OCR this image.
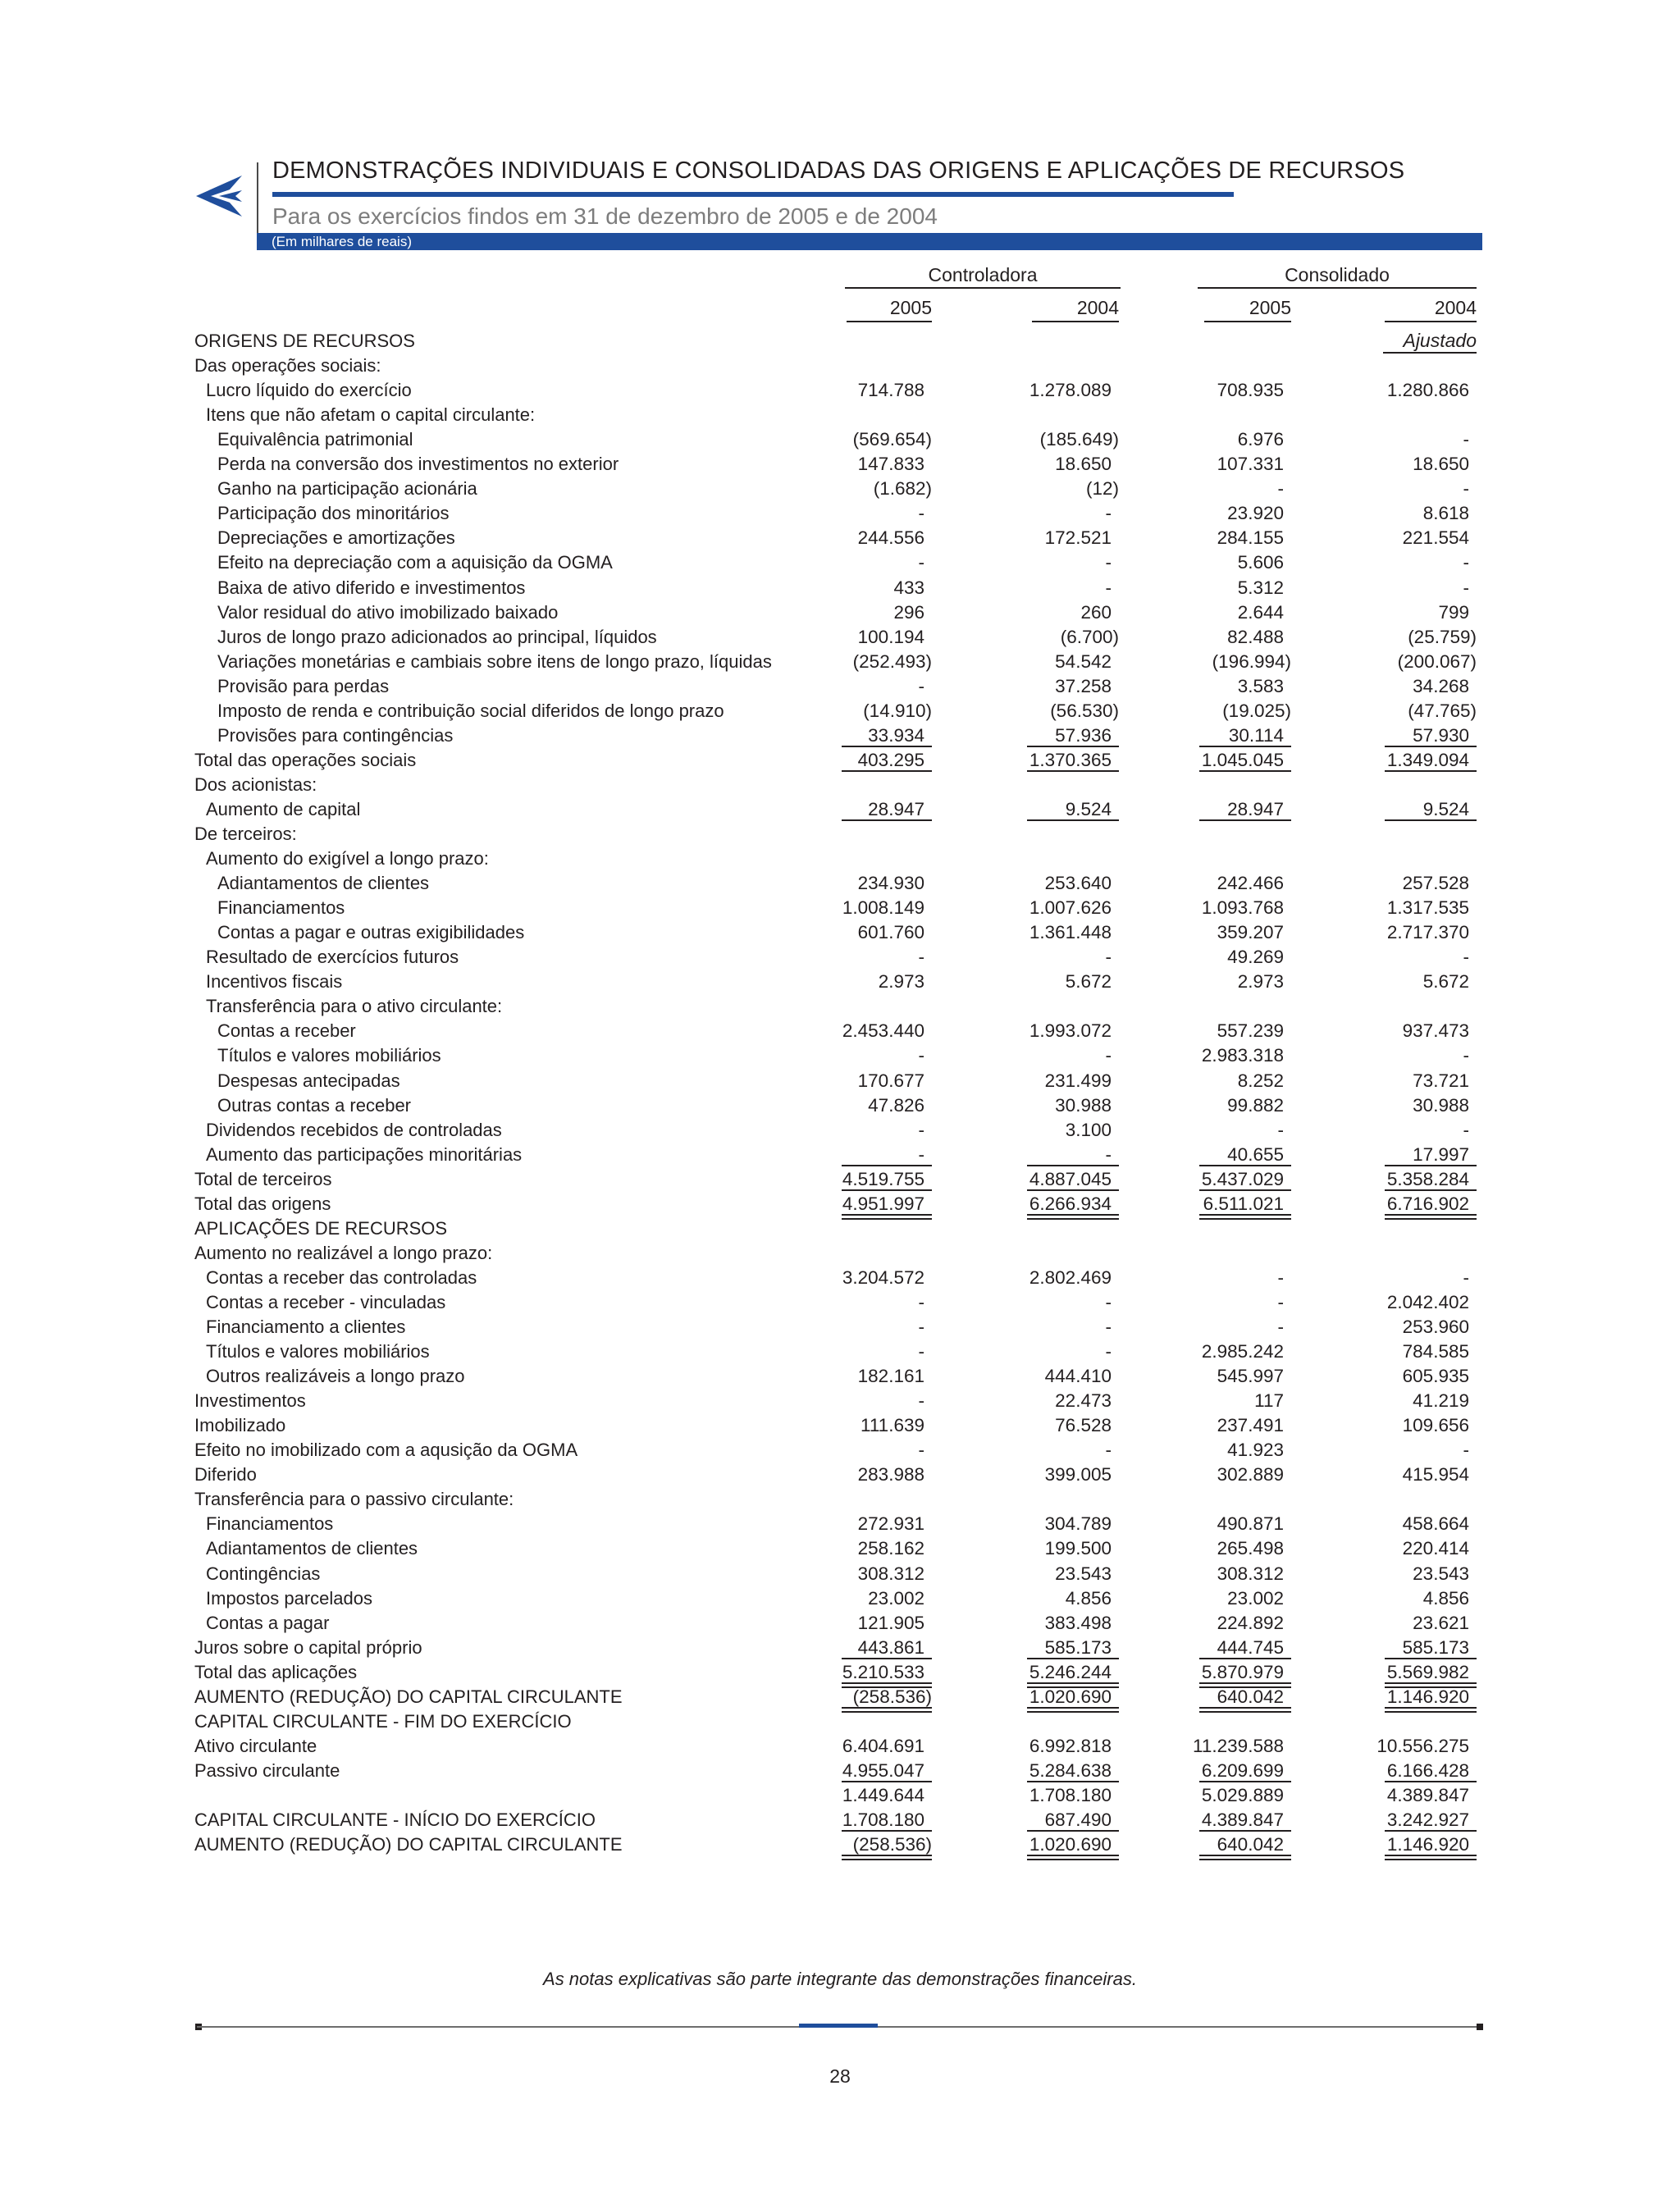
DEMONSTRAÇÕES INDIVIDUAIS E CONSOLIDADAS DAS ORIGENS E APLICAÇÕES DE RECURSOS
Para os exercícios findos em 31 de dezembro de 2005 e de 2004
(Em milhares de reais)
Controladora	Consolidado
2005	2004	2005	2004
Ajustado
ORIGENS DE RECURSOS
Das operações sociais:
Lucro líquido do exercício	714.788	1.278.089	708.935	1.280.866
Itens que não afetam o capital circulante:
Equivalência patrimonial	(569.654)	(185.649)	6.976	-
Perda na conversão dos investimentos no exterior	147.833	18.650	107.331	18.650
Ganho na participação acionária	(1.682)	(12)	-	-
Participação dos minoritários	-	-	23.920	8.618
Depreciações e amortizações	244.556	172.521	284.155	221.554
Efeito na depreciação com a aquisição da OGMA	-	-	5.606	-
Baixa de ativo diferido e investimentos	433	-	5.312	-
Valor residual do ativo imobilizado baixado	296	260	2.644	799
Juros de longo prazo adicionados ao principal, líquidos	100.194	(6.700)	82.488	(25.759)
Variações monetárias e cambiais sobre itens de longo prazo, líquidas	(252.493)	54.542	(196.994)	(200.067)
Provisão para perdas	-	37.258	3.583	34.268
Imposto de renda e contribuição social diferidos de longo prazo	(14.910)	(56.530)	(19.025)	(47.765)
Provisões para contingências	33.934	57.936	30.114	57.930
Total das operações sociais	403.295	1.370.365	1.045.045	1.349.094
Dos acionistas:
Aumento de capital	28.947	9.524	28.947	9.524
De terceiros:
Aumento do exigível a longo prazo:
Adiantamentos de clientes	234.930	253.640	242.466	257.528
Financiamentos	1.008.149	1.007.626	1.093.768	1.317.535
Contas a pagar e outras exigibilidades	601.760	1.361.448	359.207	2.717.370
Resultado de exercícios futuros	-	-	49.269	-
Incentivos fiscais	2.973	5.672	2.973	5.672
Transferência para o ativo circulante:
Contas a receber	2.453.440	1.993.072	557.239	937.473
Títulos e valores mobiliários	-	-	2.983.318	-
Despesas antecipadas	170.677	231.499	8.252	73.721
Outras contas a receber	47.826	30.988	99.882	30.988
Dividendos recebidos de controladas	-	3.100	-	-
Aumento das participações minoritárias	-	-	40.655	17.997
Total de terceiros	4.519.755	4.887.045	5.437.029	5.358.284
Total das origens	4.951.997	6.266.934	6.511.021	6.716.902
APLICAÇÕES DE RECURSOS
Aumento no realizável a longo prazo:
Contas a receber das controladas	3.204.572	2.802.469	-	-
Contas a receber - vinculadas	-	-	-	2.042.402
Financiamento a clientes	-	-	-	253.960
Títulos e valores mobiliários	-	-	2.985.242	784.585
Outros realizáveis a longo prazo	182.161	444.410	545.997	605.935
Investimentos	-	22.473	117	41.219
Imobilizado	111.639	76.528	237.491	109.656
Efeito no imobilizado com a aqusição da OGMA	-	-	41.923	-
Diferido	283.988	399.005	302.889	415.954
Transferência para o passivo circulante:
Financiamentos	272.931	304.789	490.871	458.664
Adiantamentos de clientes	258.162	199.500	265.498	220.414
Contingências	308.312	23.543	308.312	23.543
Impostos parcelados	23.002	4.856	23.002	4.856
Contas a pagar	121.905	383.498	224.892	23.621
Juros sobre o capital próprio	443.861	585.173	444.745	585.173
Total das aplicações	5.210.533	5.246.244	5.870.979	5.569.982
AUMENTO (REDUÇÃO) DO CAPITAL CIRCULANTE	(258.536)	1.020.690	640.042	1.146.920
CAPITAL CIRCULANTE - FIM DO EXERCÍCIO
Ativo circulante	6.404.691	6.992.818	11.239.588	10.556.275
Passivo circulante	4.955.047	5.284.638	6.209.699	6.166.428
1.449.644	1.708.180	5.029.889	4.389.847
CAPITAL CIRCULANTE - INÍCIO DO EXERCÍCIO	1.708.180	687.490	4.389.847	3.242.927
AUMENTO (REDUÇÃO) DO CAPITAL CIRCULANTE	(258.536)	1.020.690	640.042	1.146.920
As notas explicativas são parte integrante das demonstrações financeiras.
28
